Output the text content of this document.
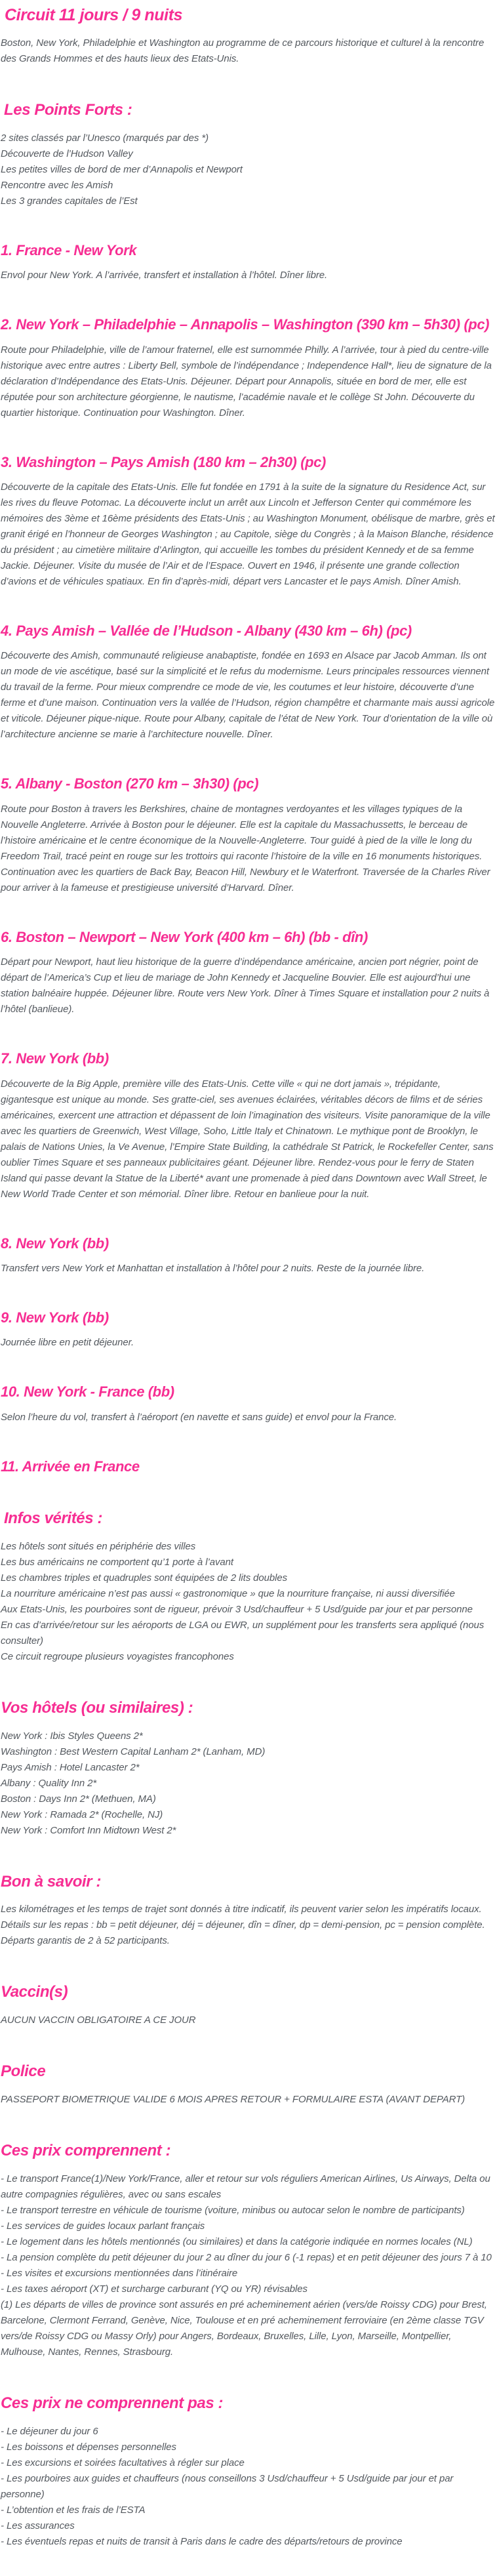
Circuit 11 jours / 9 nuits

Boston, New York, Philadelphie et Washington au programme de ce parcours historique et culturel à la rencontre des Grands Hommes et des hauts lieux des Etats-Unis.

Les Points Forts :
2 sites classés par l’Unesco (marqués par des *)
Découverte de l’Hudson Valley
Les petites villes de bord de mer d’Annapolis et Newport
Rencontre avec les Amish
Les 3 grandes capitales de l’Est
1. France - New York

Envol pour New York. A l’arrivée, transfert et installation à l’hôtel. Dîner libre.

2. New York – Philadelphie – Annapolis – Washington (390 km – 5h30) (pc)

Route pour Philadelphie, ville de l’amour fraternel, elle est surnommée Philly. A l’arrivée, tour à pied du centre-ville historique avec entre autres : Liberty Bell, symbole de l’indépendance ; Independence Hall*, lieu de signature de la déclaration d’Indépendance des Etats-Unis. Déjeuner. Départ pour Annapolis, située en bord de mer, elle est réputée pour son architecture géorgienne, le nautisme, l’académie navale et le collège St John. Découverte du quartier historique. Continuation pour Washington. Dîner.

3. Washington – Pays Amish (180 km – 2h30) (pc)

Découverte de la capitale des Etats-Unis. Elle fut fondée en 1791 à la suite de la signature du Residence Act, sur les rives du fleuve Potomac. La découverte inclut un arrêt aux Lincoln et Jefferson Center qui commémore les mémoires des 3ème et 16ème présidents des Etats-Unis ; au Washington Monument, obélisque de marbre, grès et granit érigé en l’honneur de Georges Washington ; au Capitole, siège du Congrès ; à la Maison Blanche, résidence du président ; au cimetière militaire d’Arlington, qui accueille les tombes du président Kennedy et de sa femme Jackie. Déjeuner. Visite du musée de l’Air et de l’Espace. Ouvert en 1946, il présente une grande collection d’avions et de véhicules spatiaux. En fin d’après-midi, départ vers Lancaster et le pays Amish. Dîner Amish.

4. Pays Amish – Vallée de l’Hudson - Albany (430 km – 6h) (pc)

Découverte des Amish, communauté religieuse anabaptiste, fondée en 1693 en Alsace par Jacob Amman. Ils ont un mode de vie ascétique, basé sur la simplicité et le refus du modernisme. Leurs principales ressources viennent du travail de la ferme. Pour mieux comprendre ce mode de vie, les coutumes et leur histoire, découverte d’une ferme et d’une maison. Continuation vers la vallée de l’Hudson, région champêtre et charmante mais aussi agricole et viticole. Déjeuner pique-nique. Route pour Albany, capitale de l’état de New York. Tour d’orientation de la ville où l’architecture ancienne se marie à l’architecture nouvelle. Dîner.

5. Albany - Boston (270 km – 3h30) (pc)

Route pour Boston à travers les Berkshires, chaine de montagnes verdoyantes et les villages typiques de la Nouvelle Angleterre. Arrivée à Boston pour le déjeuner. Elle est la capitale du Massachussetts, le berceau de l’histoire américaine et le centre économique de la Nouvelle-Angleterre. Tour guidé à pied de la ville le long du Freedom Trail, tracé peint en rouge sur les trottoirs qui raconte l’histoire de la ville en 16 monuments historiques. Continuation avec les quartiers de Back Bay, Beacon Hill, Newbury et le Waterfront. Traversée de la Charles River pour arriver à la fameuse et prestigieuse université d’Harvard. Dîner.

6. Boston – Newport – New York (400 km – 6h) (bb - dîn)

Départ pour Newport, haut lieu historique de la guerre d’indépendance américaine, ancien port négrier, point de départ de l’America’s Cup et lieu de mariage de John Kennedy et Jacqueline Bouvier. Elle est aujourd’hui une station balnéaire huppée. Déjeuner libre. Route vers New York. Dîner à Times Square et installation pour 2 nuits à l’hôtel (banlieue).

7. New York (bb)

Découverte de la Big Apple, première ville des Etats-Unis. Cette ville « qui ne dort jamais », trépidante, gigantesque est unique au monde. Ses gratte-ciel, ses avenues éclairées, véritables décors de films et de séries américaines, exercent une attraction et dépassent de loin l’imagination des visiteurs. Visite panoramique de la ville avec les quartiers de Greenwich, West Village, Soho, Little Italy et Chinatown. Le mythique pont de Brooklyn, le palais de Nations Unies, la Ve Avenue, l’Empire State Building, la cathédrale St Patrick, le Rockefeller Center, sans oublier Times Square et ses panneaux publicitaires géant. Déjeuner libre. Rendez-vous pour le ferry de Staten Island qui passe devant la Statue de la Liberté* avant une promenade à pied dans Downtown avec Wall Street, le New World Trade Center et son mémorial. Dîner libre. Retour en banlieue pour la nuit.

8. New York (bb)

Transfert vers New York et Manhattan et installation à l’hôtel pour 2 nuits. Reste de la journée libre.

9. New York (bb)

Journée libre en petit déjeuner.

10. New York - France (bb)

Selon l’heure du vol, transfert à l’aéroport (en navette et sans guide) et envol pour la France.

11. Arrivée en France
Infos vérités :
Les hôtels sont situés en périphérie des villes
Les bus américains ne comportent qu’1 porte à l’avant
Les chambres triples et quadruples sont équipées de 2 lits doubles
La nourriture américaine n’est pas aussi « gastronomique » que la nourriture française, ni aussi diversifiée
Aux Etats-Unis, les pourboires sont de rigueur, prévoir 3 Usd/chauffeur + 5 Usd/guide par jour et par personne
En cas d’arrivée/retour sur les aéroports de LGA ou EWR, un supplément pour les transferts sera appliqué (nous consulter)
Ce circuit regroupe plusieurs voyagistes francophones
Vos hôtels (ou similaires) :
New York : Ibis Styles Queens 2*
Washington : Best Western Capital Lanham 2* (Lanham, MD)
Pays Amish : Hotel Lancaster 2*
Albany : Quality Inn 2*
Boston : Days Inn 2* (Methuen, MA)
New York : Ramada 2* (Rochelle, NJ)
New York : Comfort Inn Midtown West 2*
Bon à savoir :
Les kilométrages et les temps de trajet sont donnés à titre indicatif, ils peuvent varier selon les impératifs locaux.
Détails sur les repas : bb = petit déjeuner, déj = déjeuner, dîn = dîner, dp = demi-pension, pc = pension complète.
Départs garantis de 2 à 52 participants.
Vaccin(s)

AUCUN VACCIN OBLIGATOIRE A CE JOUR

Police

PASSEPORT BIOMETRIQUE VALIDE 6 MOIS APRES RETOUR + FORMULAIRE ESTA (AVANT DEPART)

Ces prix comprennent :
- Le transport France(1)/New York/France, aller et retour sur vols réguliers American Airlines, Us Airways, Delta ou autre compagnies régulières, avec ou sans escales
- Le transport terrestre en véhicule de tourisme (voiture, minibus ou autocar selon le nombre de participants)
- Les services de guides locaux parlant français
- Le logement dans les hôtels mentionnés (ou similaires) et dans la catégorie indiquée en normes locales (NL)
- La pension complète du petit déjeuner du jour 2 au dîner du jour 6 (-1 repas) et en petit déjeuner des jours 7 à 10
- Les visites et excursions mentionnées dans l’itinéraire
- Les taxes aéroport (XT) et surcharge carburant (YQ ou YR) révisables

(1) Les départs de villes de province sont assurés en pré acheminement aérien (vers/de Roissy CDG) pour Brest, Barcelone, Clermont Ferrand, Genève, Nice, Toulouse et en pré acheminement ferroviaire (en 2ème classe TGV vers/de Roissy CDG ou Massy Orly) pour Angers, Bordeaux, Bruxelles, Lille, Lyon, Marseille, Montpellier, Mulhouse, Nantes, Rennes, Strasbourg.

Ces prix ne comprennent pas :
- Le déjeuner du jour 6
- Les boissons et dépenses personnelles
- Les excursions et soirées facultatives à régler sur place
- Les pourboires aux guides et chauffeurs (nous conseillons 3 Usd/chauffeur + 5 Usd/guide par jour et par personne)
- L’obtention et les frais de l’ESTA
- Les assurances
- Les éventuels repas et nuits de transit à Paris dans le cadre des départs/retours de province
